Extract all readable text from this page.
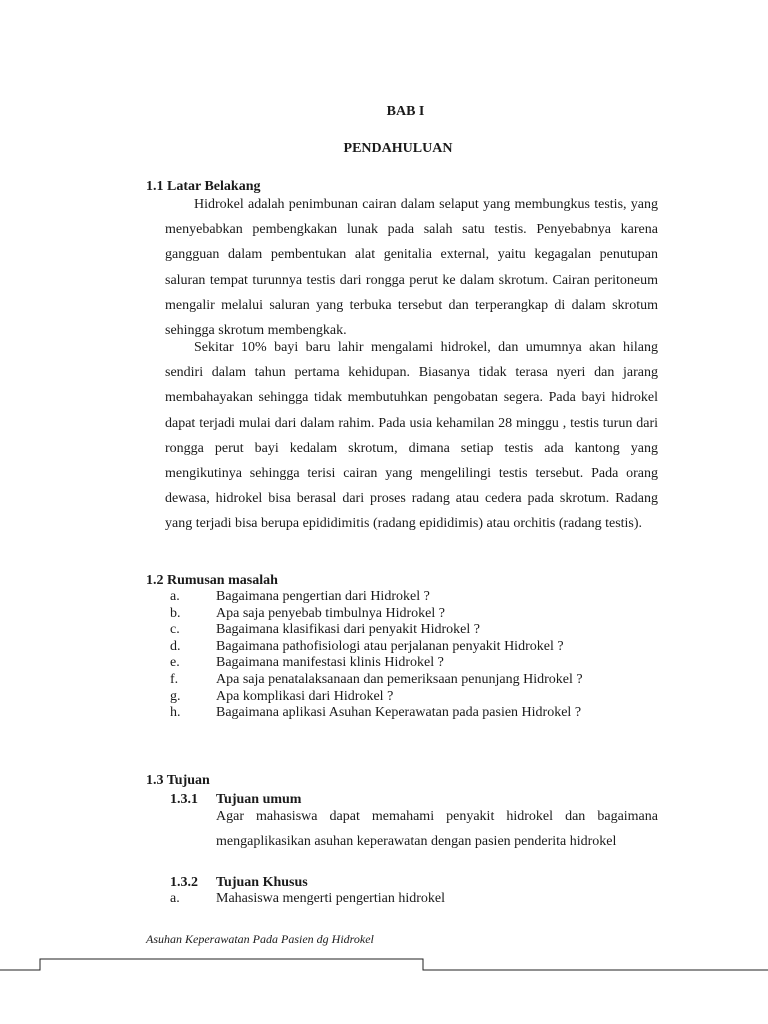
BAB I
PENDAHULUAN
1.1 Latar Belakang

Hidrokel adalah penimbunan cairan dalam selaput yang membungkus testis, yang menyebabkan pembengkakan lunak pada salah satu testis. Penyebabnya karena gangguan dalam pembentukan alat genitalia external, yaitu kegagalan penutupan saluran tempat turunnya testis dari rongga perut ke dalam skrotum. Cairan peritoneum mengalir melalui saluran yang terbuka tersebut dan terperangkap di dalam skrotum sehingga skrotum membengkak.

Sekitar 10% bayi baru lahir mengalami hidrokel, dan umumnya akan hilang sendiri dalam tahun pertama kehidupan. Biasanya tidak terasa nyeri dan jarang membahayakan sehingga tidak membutuhkan pengobatan segera. Pada bayi hidrokel dapat terjadi mulai dari dalam rahim. Pada usia kehamilan 28 minggu , testis turun dari rongga perut bayi kedalam skrotum, dimana setiap testis ada kantong yang mengikutinya sehingga terisi cairan yang mengelilingi testis tersebut. Pada orang dewasa, hidrokel bisa berasal dari proses radang atau cedera pada skrotum. Radang yang terjadi bisa berupa epididimitis (radang epididimis) atau orchitis (radang testis).

1.2 Rumusan masalah
a.	Bagaimana pengertian dari Hidrokel ?
b.	Apa saja penyebab timbulnya Hidrokel ?
c.	Bagaimana klasifikasi dari penyakit Hidrokel ?
d.	Bagaimana pathofisiologi atau perjalanan penyakit Hidrokel ?
e.	Bagaimana manifestasi klinis Hidrokel ?
f.	Apa saja penatalaksanaan dan pemeriksaan penunjang Hidrokel ?
g.	Apa komplikasi dari Hidrokel ?
h.	Bagaimana aplikasi Asuhan Keperawatan pada pasien Hidrokel ?
1.3 Tujuan
1.3.1	Tujuan umum

Agar mahasiswa dapat memahami penyakit hidrokel dan bagaimana mengaplikasikan asuhan keperawatan dengan pasien penderita hidrokel

1.3.2	Tujuan Khusus
a.	Mahasiswa mengerti pengertian hidrokel
Asuhan Keperawatan Pada Pasien dg Hidrokel
